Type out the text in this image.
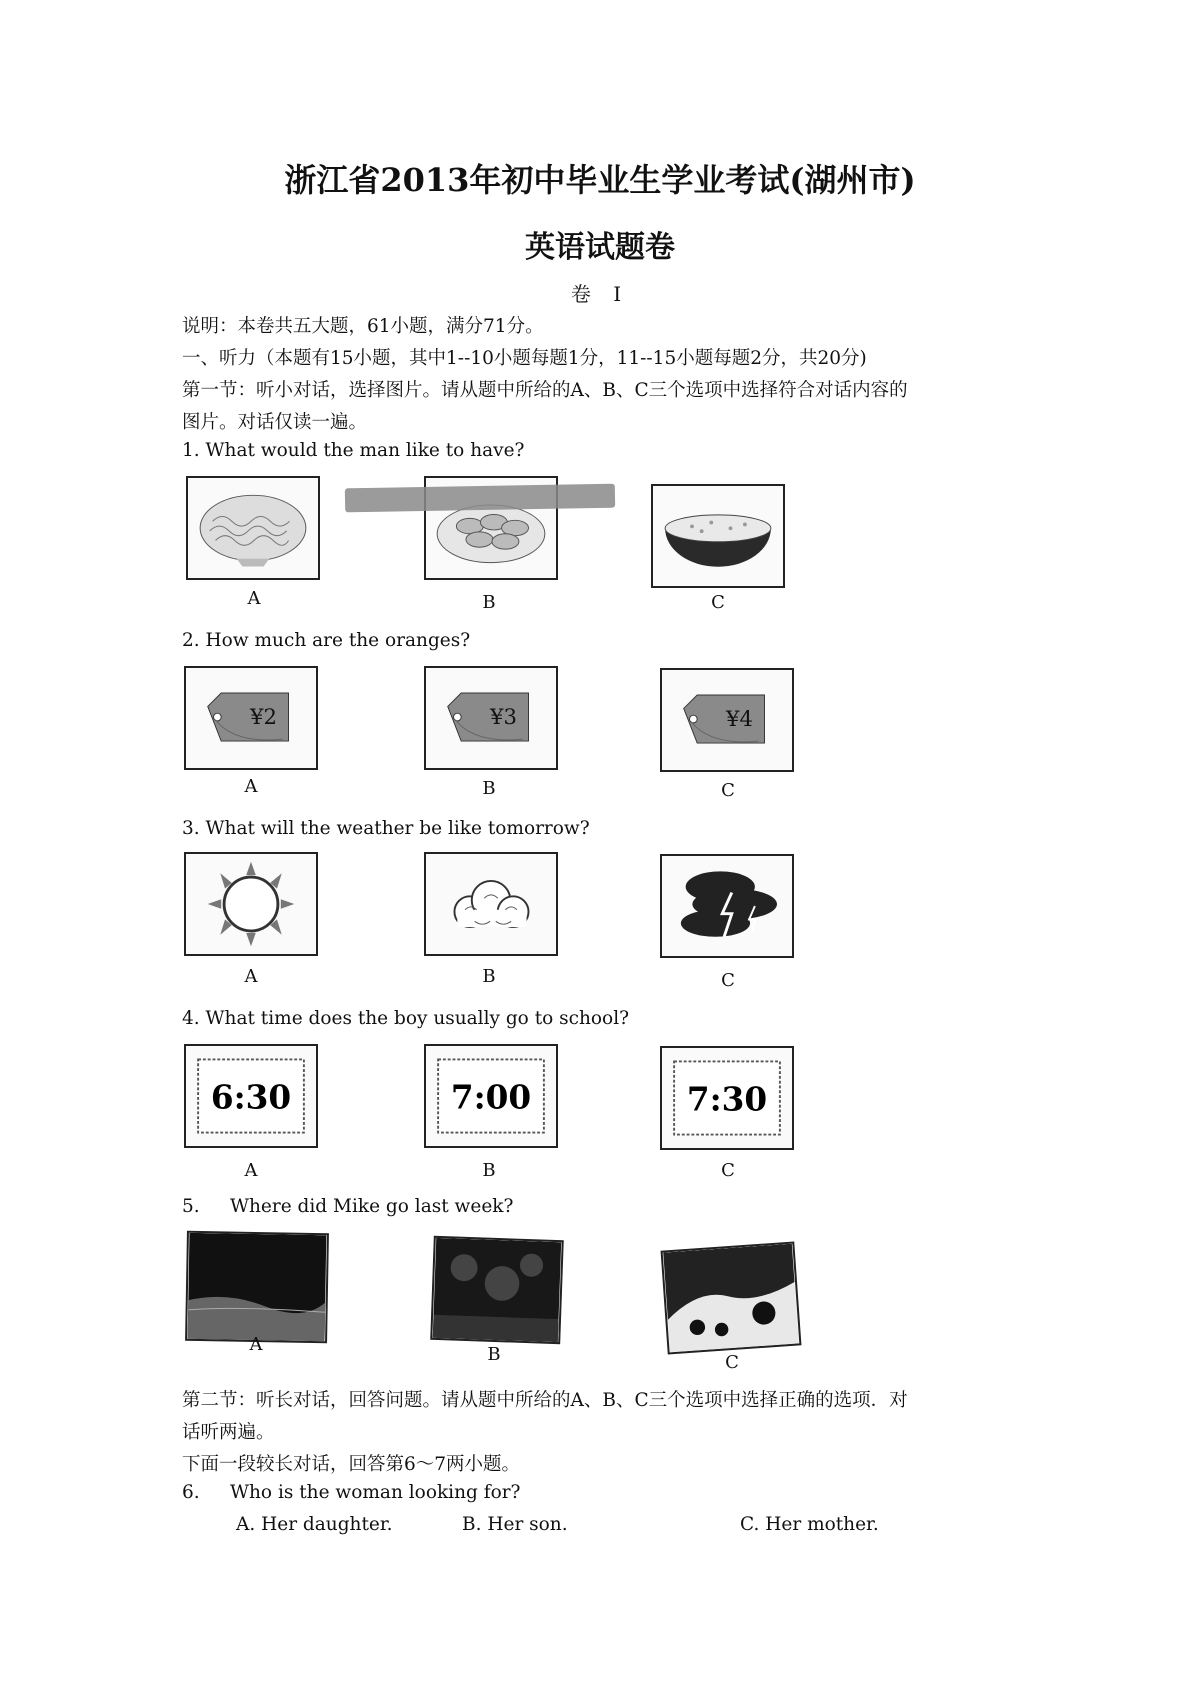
浙江省2013年初中毕业生学业考试(湖州市)
英语试题卷
卷 I
说明：本卷共五大题，61小题，满分71分。
一、听力（本题有15小题，其中1--10小题每题1分，11--15小题每题2分，共20分)
第一节：听小对话，选择图片。请从题中所给的A、B、C三个选项中选择符合对话内容的
图片。对话仅读一遍。
1. What would the man like to have?
A	B	C
2. How much are the oranges?
¥2	¥3	¥4
A	B	C
3. What will the weather be like tomorrow?
A	B	C
4. What time does the boy usually go to school?
6:30	7:00	7:30
A	B	C
5. Where did Mike go last week?
A	B	C
第二节：听长对话，回答问题。请从题中所给的A、B、C三个选项中选择正确的选项．对
话听两遍。
下面一段较长对话，回答第6～7两小题。
6. Who is the woman looking for?
A. Her daughter.	B. Her son.	C. Her mother.
